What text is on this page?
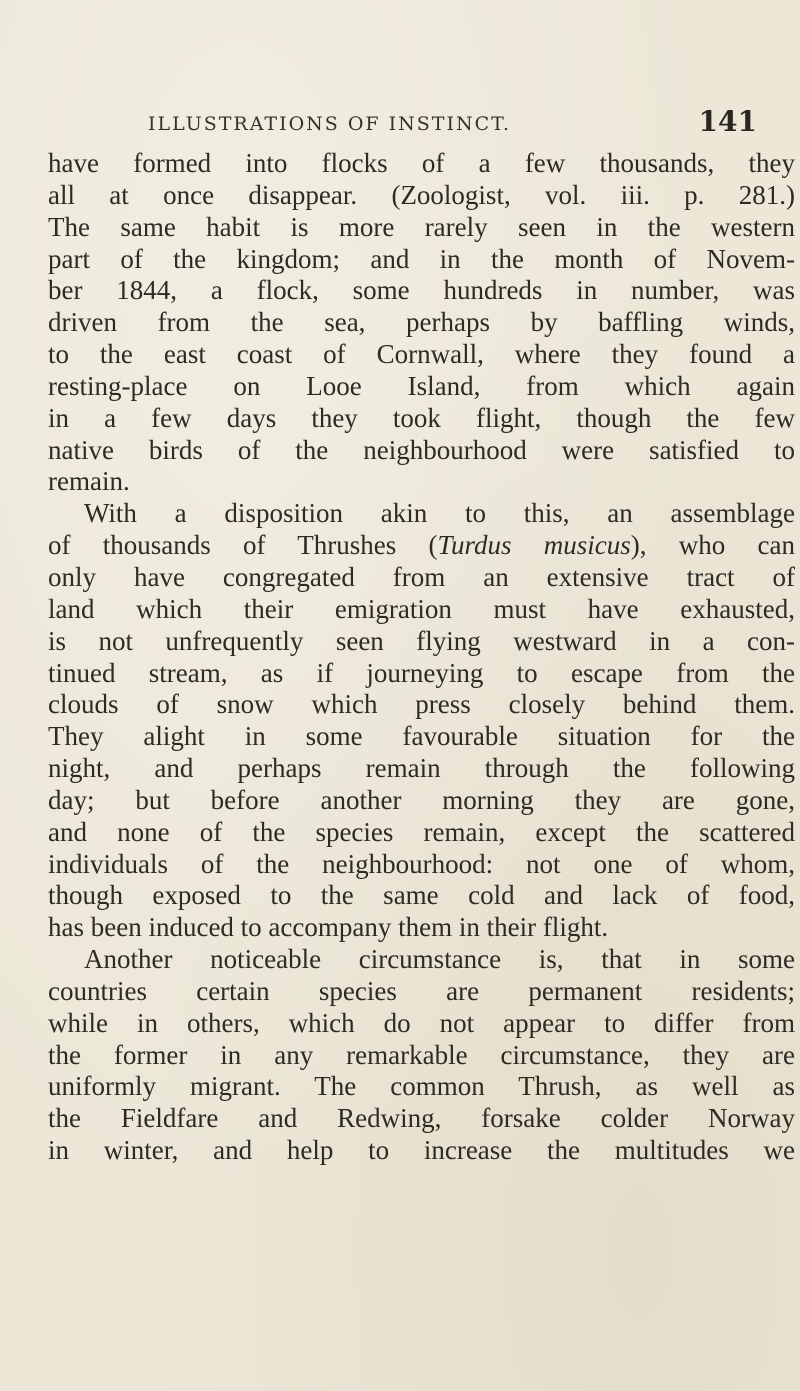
ILLUSTRATIONS OF INSTINCT.	141
have formed into flocks of a few thousands, they
all at once disappear. (Zoologist, vol. iii. p. 281.)
The same habit is more rarely seen in the western
part of the kingdom; and in the month of Novem-
ber 1844, a flock, some hundreds in number, was
driven from the sea, perhaps by baffling winds,
to the east coast of Cornwall, where they found a
resting-place on Looe Island, from which again
in a few days they took flight, though the few
native birds of the neighbourhood were satisfied to
remain.
With a disposition akin to this, an assemblage
of thousands of Thrushes (Turdus musicus), who can
only have congregated from an extensive tract of
land which their emigration must have exhausted,
is not unfrequently seen flying westward in a con-
tinued stream, as if journeying to escape from the
clouds of snow which press closely behind them.
They alight in some favourable situation for the
night, and perhaps remain through the following
day; but before another morning they are gone,
and none of the species remain, except the scattered
individuals of the neighbourhood: not one of whom,
though exposed to the same cold and lack of food,
has been induced to accompany them in their flight.
Another noticeable circumstance is, that in some
countries certain species are permanent residents;
while in others, which do not appear to differ from
the former in any remarkable circumstance, they are
uniformly migrant. The common Thrush, as well as
the Fieldfare and Redwing, forsake colder Norway
in winter, and help to increase the multitudes we
